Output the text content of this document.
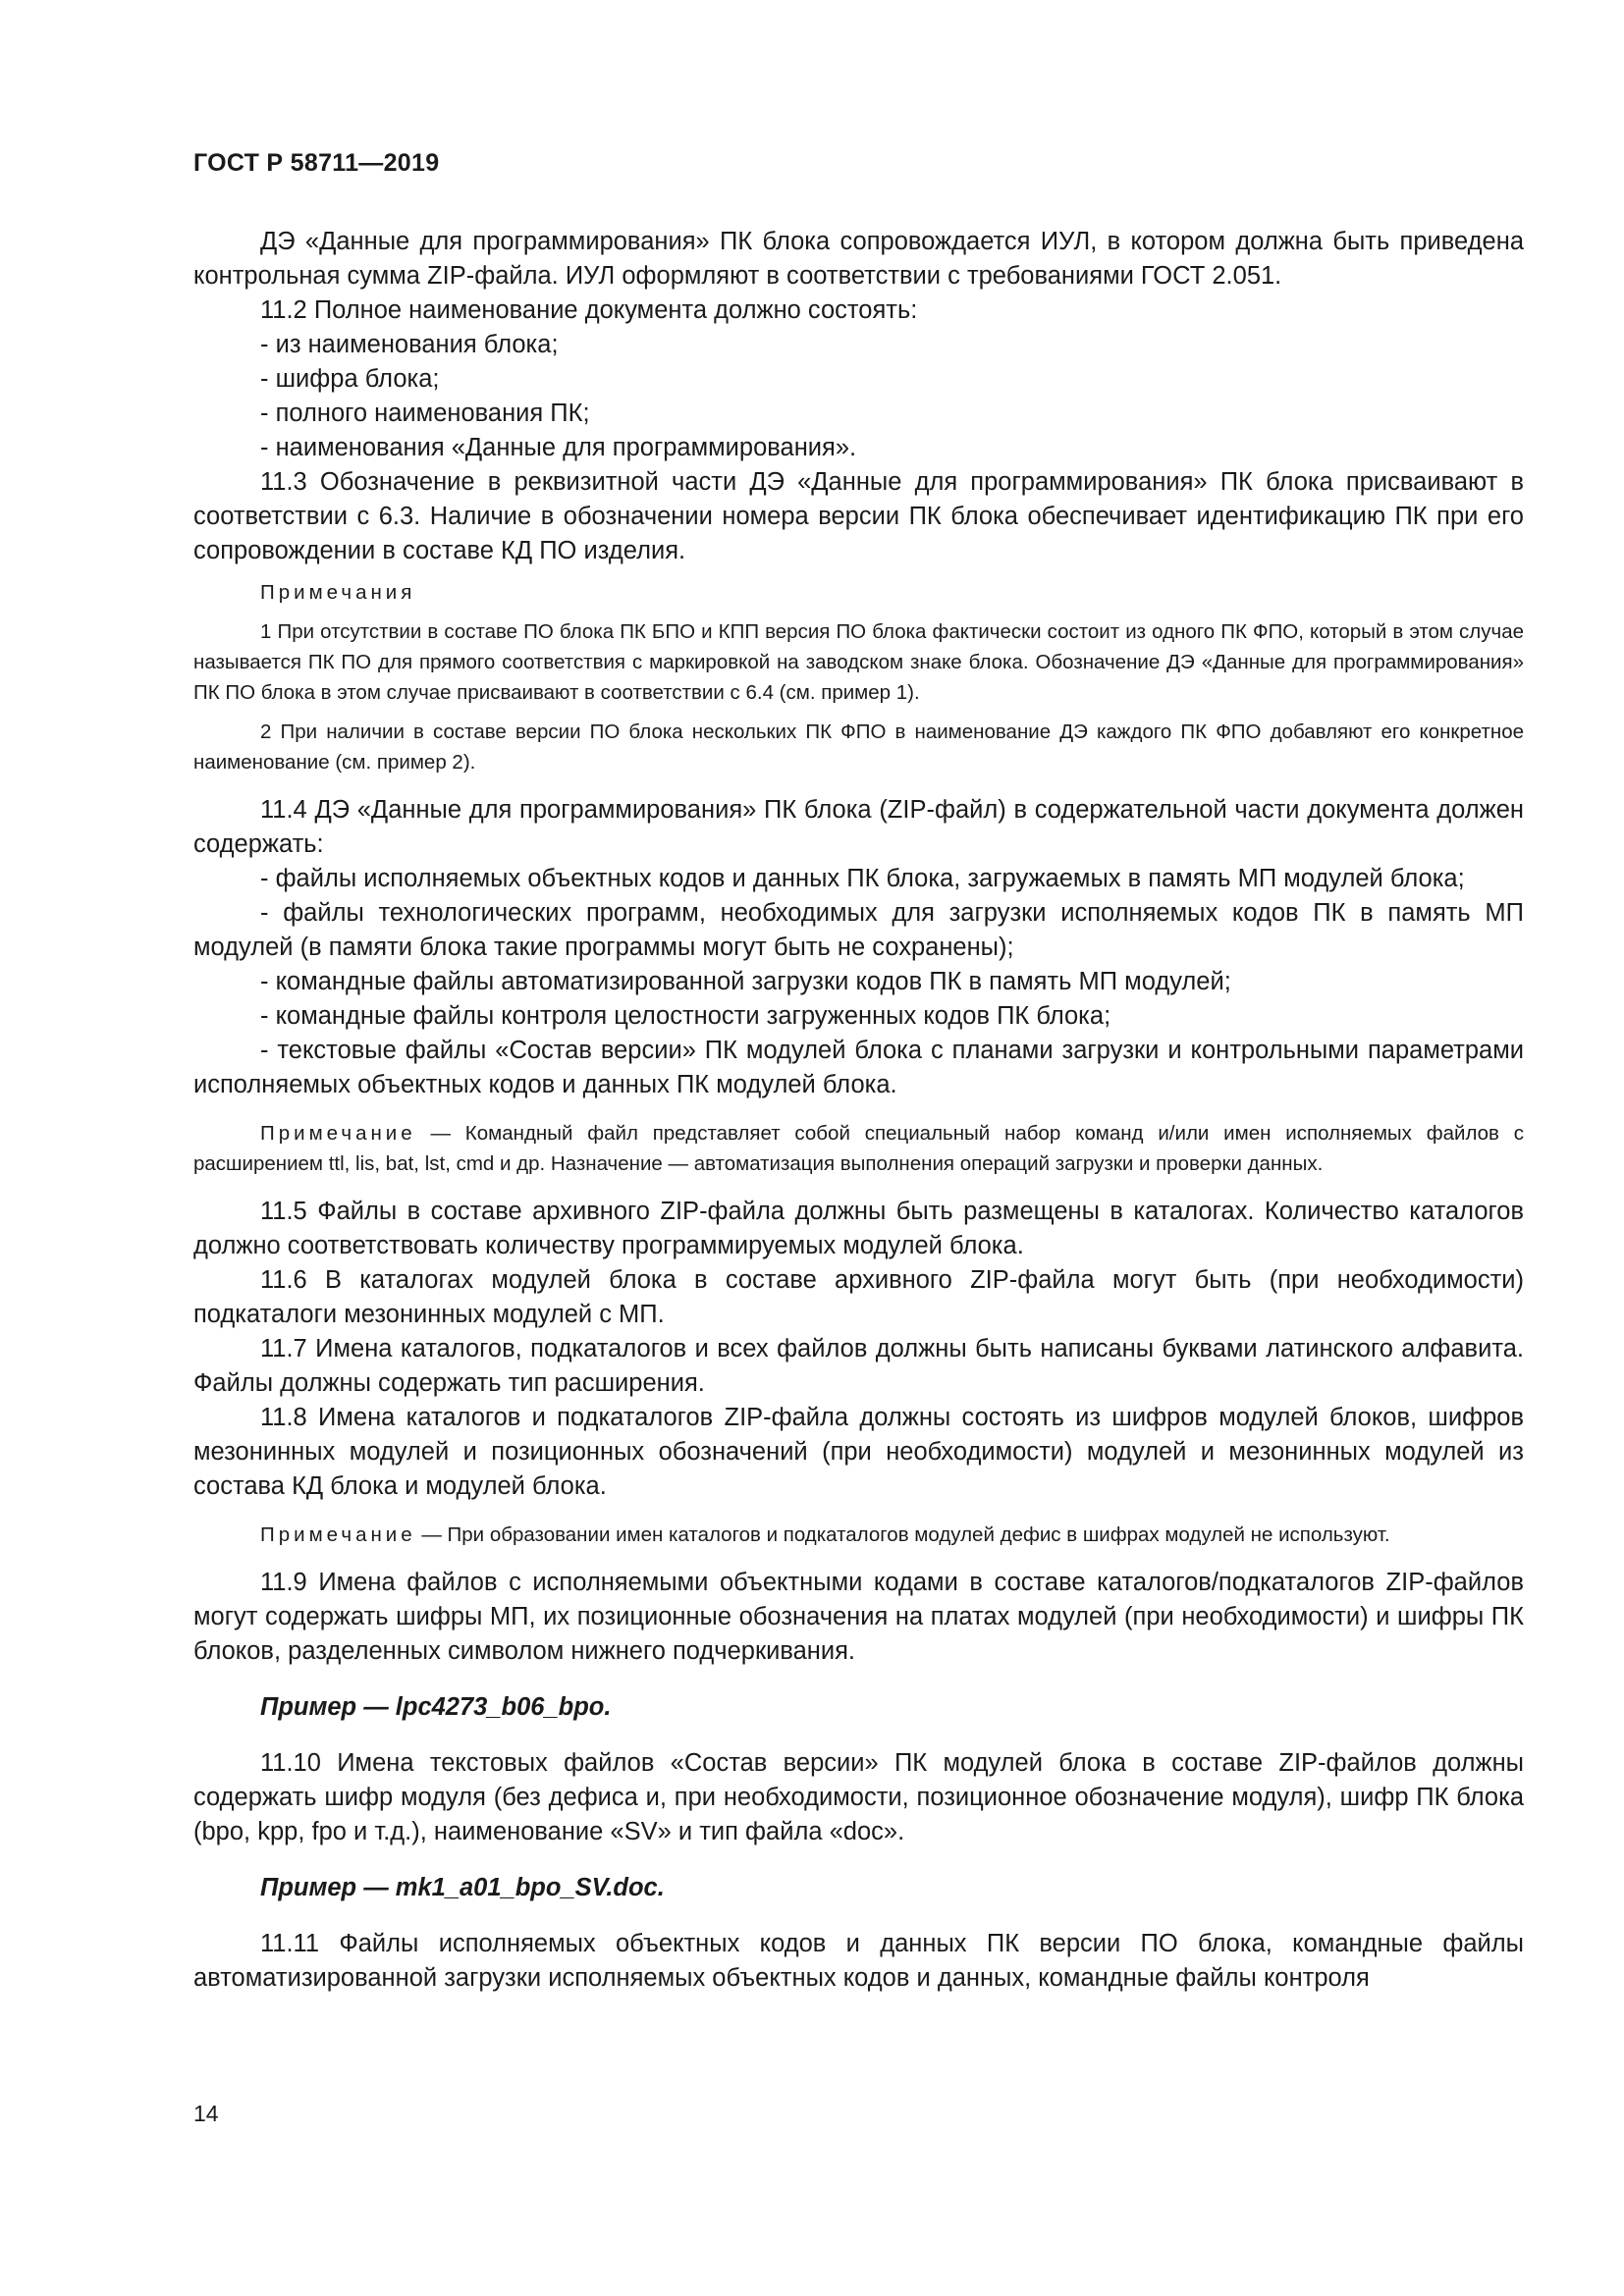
ГОСТ Р 58711—2019

ДЭ «Данные для программирования» ПК блока сопровождается ИУЛ, в котором должна быть приведена контрольная сумма ZIP-файла. ИУЛ оформляют в соответствии с требованиями ГОСТ 2.051.

11.2 Полное наименование документа должно состоять:

- из наименования блока;

- шифра блока;

- полного наименования ПК;

- наименования «Данные для программирования».

11.3 Обозначение в реквизитной части ДЭ «Данные для программирования» ПК блока присваивают в соответствии с 6.3. Наличие в обозначении номера версии ПК блока обеспечивает идентификацию ПК при его сопровождении в составе КД ПО изделия.

Примечания

1 При отсутствии в составе ПО блока ПК БПО и КПП версия ПО блока фактически состоит из одного ПК ФПО, который в этом случае называется ПК ПО для прямого соответствия с маркировкой на заводском знаке блока. Обозначение ДЭ «Данные для программирования» ПК ПО блока в этом случае присваивают в соответствии с 6.4 (см. пример 1).

2 При наличии в составе версии ПО блока нескольких ПК ФПО в наименование ДЭ каждого ПК ФПО добавляют его конкретное наименование (см. пример 2).

11.4 ДЭ «Данные для программирования» ПК блока (ZIP-файл) в содержательной части документа должен содержать:

- файлы исполняемых объектных кодов и данных ПК блока, загружаемых в память МП модулей блока;

- файлы технологических программ, необходимых для загрузки исполняемых кодов ПК в память МП модулей (в памяти блока такие программы могут быть не сохранены);

- командные файлы автоматизированной загрузки кодов ПК в память МП модулей;

- командные файлы контроля целостности загруженных кодов ПК блока;

- текстовые файлы «Состав версии» ПК модулей блока с планами загрузки и контрольными параметрами исполняемых объектных кодов и данных ПК модулей блока.

Примечание — Командный файл представляет собой специальный набор команд и/или имен исполняемых файлов с расширением ttl, lis, bat, lst, cmd и др. Назначение — автоматизация выполнения операций загрузки и проверки данных.

11.5 Файлы в составе архивного ZIP-файла должны быть размещены в каталогах. Количество каталогов должно соответствовать количеству программируемых модулей блока.

11.6 В каталогах модулей блока в составе архивного ZIP-файла могут быть (при необходимости) подкаталоги мезонинных модулей с МП.

11.7 Имена каталогов, подкаталогов и всех файлов должны быть написаны буквами латинского алфавита. Файлы должны содержать тип расширения.

11.8 Имена каталогов и подкаталогов ZIP-файла должны состоять из шифров модулей блоков, шифров мезонинных модулей и позиционных обозначений (при необходимости) модулей и мезонинных модулей из состава КД блока и модулей блока.

Примечание — При образовании имен каталогов и подкаталогов модулей дефис в шифрах модулей не используют.

11.9 Имена файлов с исполняемыми объектными кодами в составе каталогов/подкаталогов ZIP-файлов могут содержать шифры МП, их позиционные обозначения на платах модулей (при необходимости) и шифры ПК блоков, разделенных символом нижнего подчеркивания.

Пример — lpc4273_b06_bpo.

11.10 Имена текстовых файлов «Состав версии» ПК модулей блока в составе ZIP-файлов должны содержать шифр модуля (без дефиса и, при необходимости, позиционное обозначение модуля), шифр ПК блока (bpo, kpp, fpo и т.д.), наименование «SV» и тип файла «doc».

Пример — mk1_a01_bpo_SV.doc.

11.11 Файлы исполняемых объектных кодов и данных ПК версии ПО блока, командные файлы автоматизированной загрузки исполняемых объектных кодов и данных, командные файлы контроля

14
